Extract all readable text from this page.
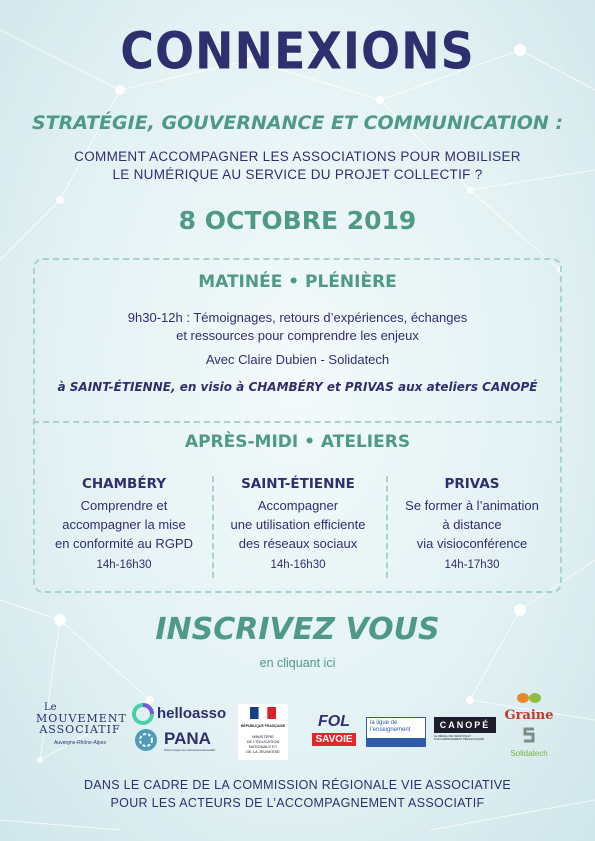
CONNEXIONS
STRATÉGIE, GOUVERNANCE ET COMMUNICATION :
COMMENT ACCOMPAGNER LES ASSOCIATIONS POUR MOBILISER
LE NUMÉRIQUE AU SERVICE DU PROJET COLLECTIF ?
8 OCTOBRE 2019
MATINÉE • PLÉNIÈRE
9h30-12h : Témoignages, retours d’expériences, échanges
et ressources pour comprendre les enjeux
Avec Claire Dubien - Solidatech
à SAINT-ÉTIENNE, en visio à CHAMBÉRY et PRIVAS aux ateliers CANOPÉ
APRÈS-MIDI • ATELIERS
CHAMBÉRY
Comprendre et
accompagner la mise
en conformité au RGPD
14h-16h30
SAINT-ÉTIENNE
Accompagner
une utilisation efficiente
des réseaux sociaux
14h-16h30
PRIVAS
Se former à l’animation
à distance
via visioconférence
14h-17h30
INSCRIVEZ VOUS
en cliquant ici
Le
MOUVEMENT
ASSOCIATIF
Auvergne-Rhône-Alpes
helloasso
PANA
Point d’Appui au Numérique Associatif
RÉPUBLIQUE FRANÇAISE
MINISTÈRE
DE L’ÉDUCATION
NATIONALE ET
DE LA JEUNESSE
FOL
SAVOIE
la ligue de
l’enseignement	CANOPÉ
LE RÉSEAU DE CRÉATION ET D’ACCOMPAGNEMENT PÉDAGOGIQUES
Graine
Solidatech
DANS LE CADRE DE LA COMMISSION RÉGIONALE VIE ASSOCIATIVE
POUR LES ACTEURS DE L’ACCOMPAGNEMENT ASSOCIATIF
